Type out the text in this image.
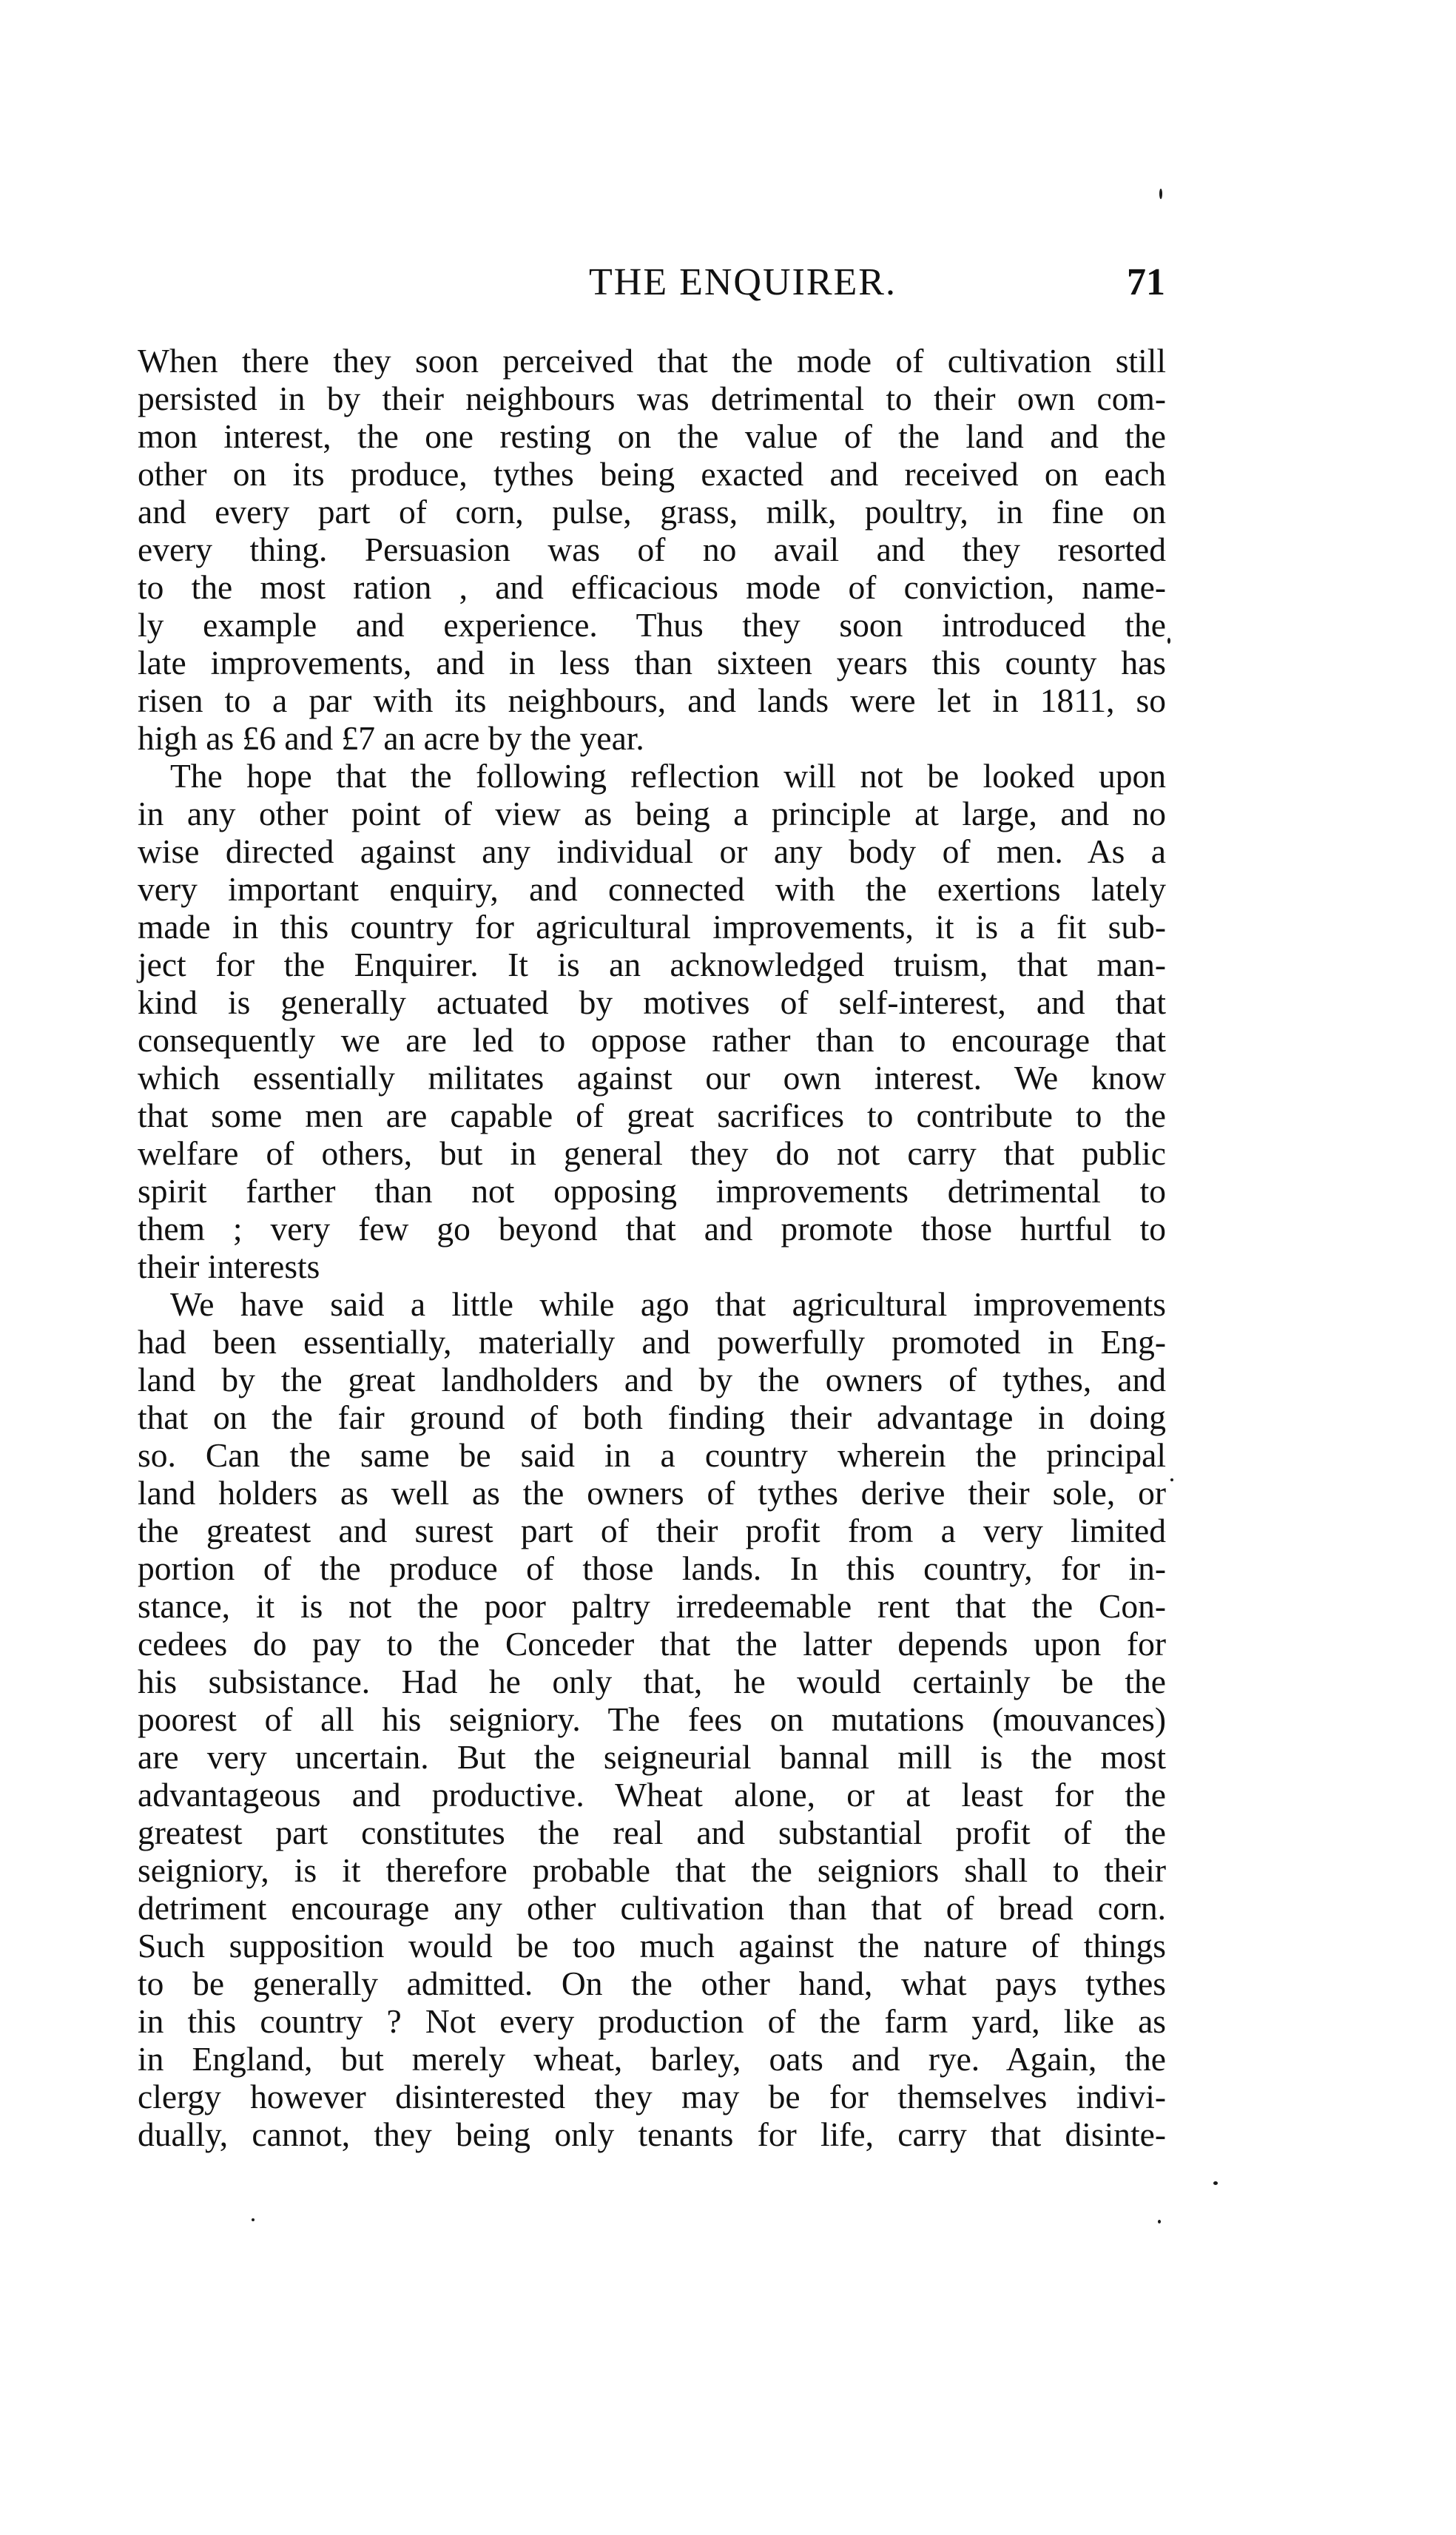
THE ENQUIRER.	71

When there they soon perceived that the mode of cultivation still
persisted in by their neighbours was detrimental to their own com-
mon interest, the one resting on the value of the land and the
other on its produce, tythes being exacted and received on each
and every part of corn, pulse, grass, milk, poultry, in fine on
every thing. Persuasion was of no avail and they resorted
to the most ration , and efficacious mode of conviction, name-
ly example and experience. Thus they soon introduced the
late improvements, and in less than sixteen years this county has
risen to a par with its neighbours, and lands were let in 1811, so
high as £6 and £7 an acre by the year.

The hope that the following reflection will not be looked upon
in any other point of view as being a principle at large, and no
wise directed against any individual or any body of men. As a
very important enquiry, and connected with the exertions lately
made in this country for agricultural improvements, it is a fit sub-
ject for the Enquirer. It is an acknowledged truism, that man-
kind is generally actuated by motives of self-interest, and that
consequently we are led to oppose rather than to encourage that
which essentially militates against our own interest. We know
that some men are capable of great sacrifices to contribute to the
welfare of others, but in general they do not carry that public
spirit farther than not opposing improvements detrimental to
them ; very few go beyond that and promote those hurtful to
their interests

We have said a little while ago that agricultural improvements
had been essentially, materially and powerfully promoted in Eng-
land by the great landholders and by the owners of tythes, and
that on the fair ground of both finding their advantage in doing
so. Can the same be said in a country wherein the principal
land holders as well as the owners of tythes derive their sole, or
the greatest and surest part of their profit from a very limited
portion of the produce of those lands. In this country, for in-
stance, it is not the poor paltry irredeemable rent that the Con-
cedees do pay to the Conceder that the latter depends upon for
his subsistance. Had he only that, he would certainly be the
poorest of all his seigniory. The fees on mutations (mouvances)
are very uncertain. But the seigneurial bannal mill is the most
advantageous and productive. Wheat alone, or at least for the
greatest part constitutes the real and substantial profit of the
seigniory, is it therefore probable that the seigniors shall to their
detriment encourage any other cultivation than that of bread corn.
Such supposition would be too much against the nature of things
to be generally admitted. On the other hand, what pays tythes
in this country ? Not every production of the farm yard, like as
in England, but merely wheat, barley, oats and rye. Again, the
clergy however disinterested they may be for themselves indivi-
dually, cannot, they being only tenants for life, carry that disinte-
